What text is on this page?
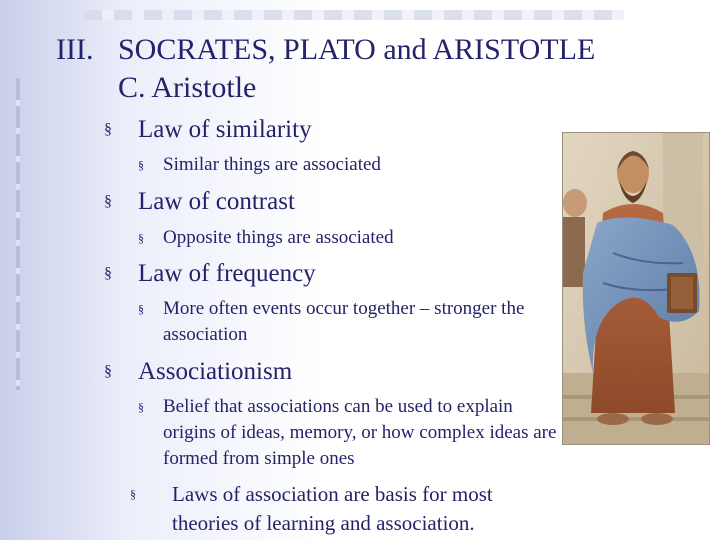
III. SOCRATES, PLATO and ARISTOTLE
C. Aristotle
§ Law of similarity
§ Similar things are associated
§ Law of contrast
§ Opposite things are associated
§ Law of frequency
§ More often events occur together – stronger the association
§ Associationism
§ Belief that associations can be used to explain origins of ideas, memory, or how complex ideas are formed from simple ones
§ Laws of association are basis for most theories of learning and association.
